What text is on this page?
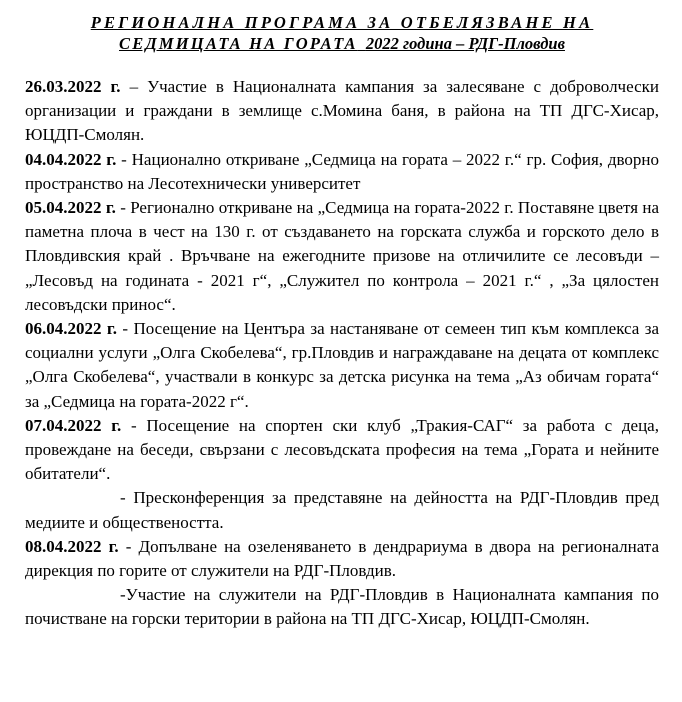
РЕГИОНАЛНА ПРОГРАМА ЗА ОТБЕЛЯЗВАНЕ НА
СЕДМИЦАТА НА ГОРАТА 2022 година – РДГ-Пловдив

26.03.2022 г. – Участие в Националната кампания за залесяване с доброволчески организации и граждани в землище с.Момина баня, в района на ТП ДГС-Хисар, ЮЦДП-Смолян.

04.04.2022 г. - Национално откриване „Седмица на гората – 2022 г.“ гр. София, дворно пространство на Лесотехнически университет

05.04.2022 г. - Регионално откриване на „Седмица на гората-2022 г. Поставяне цветя на паметна плоча в чест на 130 г. от създаването на горската служба и горското дело в Пловдивския край . Връчване на ежегодните призове на отличилите се лесовъди – „Лесовъд на годината - 2021 г“, „Служител по контрола – 2021 г.“ , „За цялостен лесовъдски принос“.

06.04.2022 г. - Посещение на Центъра за настаняване от семеен тип към комплекса за социални услуги „Олга Скобелева“, гр.Пловдив и награждаване на децата от комплекс „Олга Скобелева“, участвали в конкурс за детска рисунка на тема „Аз обичам гората“ за „Седмица на гората-2022 г“.

07.04.2022 г. - Посещение на спортен ски клуб „Тракия-САГ“ за работа с деца, провеждане на беседи, свързани с лесовъдската професия на тема „Гората и нейните обитатели“.

- Пресконференция за представяне на дейността на РДГ-Пловдив пред медиите и обществеността.

08.04.2022 г. - Допълване на озеленяването в дендрариума в двора на регионалната дирекция по горите от служители на РДГ-Пловдив.

-Участие на служители на РДГ-Пловдив в Националната кампания по почистване на горски територии в района на ТП ДГС-Хисар, ЮЦДП-Смолян.
